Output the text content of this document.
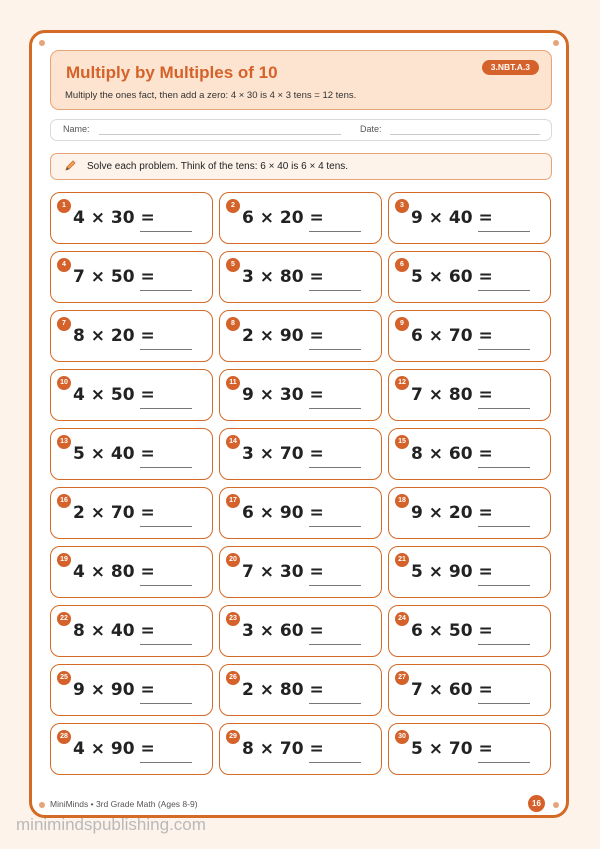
Multiply by Multiples of 10	3.NBT.A.3
Multiply the ones fact, then add a zero: 4 × 30 is 4 × 3 tens = 12 tens.
Name:	Date:
Solve each problem. Think of the tens: 6 × 40 is 6 × 4 tens.
1
4 × 30 =
2
6 × 20 =
3
9 × 40 =
4
7 × 50 =
5
3 × 80 =
6
5 × 60 =
7
8 × 20 =
8
2 × 90 =
9
6 × 70 =
10
4 × 50 =
11
9 × 30 =
12
7 × 80 =
13
5 × 40 =
14
3 × 70 =
15
8 × 60 =
16
2 × 70 =
17
6 × 90 =
18
9 × 20 =
19
4 × 80 =
20
7 × 30 =
21
5 × 90 =
22
8 × 40 =
23
3 × 60 =
24
6 × 50 =
25
9 × 90 =
26
2 × 80 =
27
7 × 60 =
28
4 × 90 =
29
8 × 70 =
30
5 × 70 =
MiniMinds • 3rd Grade Math (Ages 8-9)	16
minimindspublishing.com
